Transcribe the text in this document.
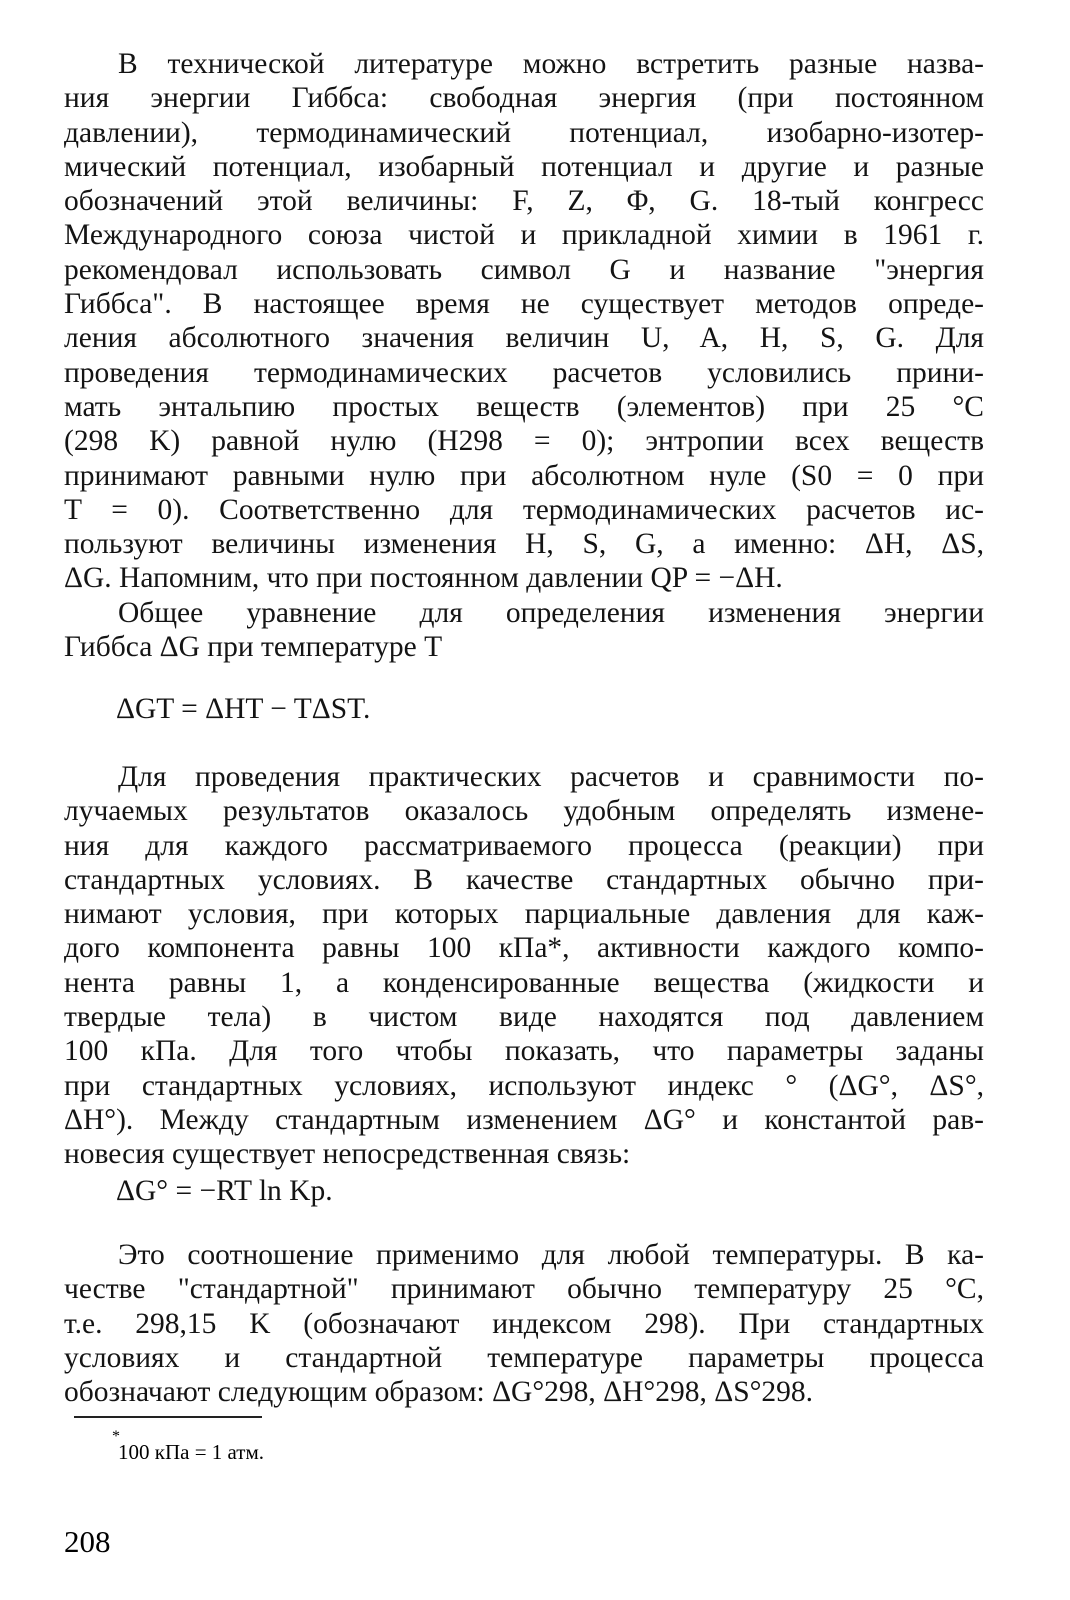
В технической литературе можно встретить разные назва-
ния энергии Гиббса: свободная энергия (при постоянном
давлении), термодинамический потенциал, изобарно-изотер-
мический потенциал, изобарный потенциал и другие и разные
обозначений этой величины: F, Z, Φ, G. 18-тый конгресс
Международного союза чистой и прикладной химии в 1961 г.
рекомендовал использовать символ G и название "энергия
Гиббса". В настоящее время не существует методов опреде-
ления абсолютного значения величин U, A, H, S, G. Для
проведения термодинамических расчетов условились прини-
мать энтальпию простых веществ (элементов) при 25 °C
(298 K) равной нулю (H298 = 0); энтропии всех веществ
принимают равными нулю при абсолютном нуле (S0 = 0 при
T = 0). Соответственно для термодинамических расчетов ис-
пользуют величины изменения H, S, G, а именно: ΔH, ΔS,
ΔG. Напомним, что при постоянном давлении QP = −ΔH.
Общее уравнение для определения изменения энергии
Гиббса ΔG при температуре T
ΔGT = ΔHT − TΔST.
Для проведения практических расчетов и сравнимости по-
лучаемых результатов оказалось удобным определять измене-
ния для каждого рассматриваемого процесса (реакции) при
стандартных условиях. В качестве стандартных обычно при-
нимают условия, при которых парциальные давления для каж-
дого компонента равны 100 кПа*, активности каждого компо-
нента равны 1, а конденсированные вещества (жидкости и
твердые тела) в чистом виде находятся под давлением
100 кПа. Для того чтобы показать, что параметры заданы
при стандартных условиях, используют индекс ° (ΔG°, ΔS°,
ΔH°). Между стандартным изменением ΔG° и константой рав-
новесия существует непосредственная связь:
ΔG° = −RT ln Kp.
Это соотношение применимо для любой температуры. В ка-
честве "стандартной" принимают обычно температуру 25 °C,
т.е. 298,15 K (обозначают индексом 298). При стандартных
условиях и стандартной температуре параметры процесса
обозначают следующим образом: ΔG°298, ΔH°298, ΔS°298.
*
100 кПа = 1 атм.
208
